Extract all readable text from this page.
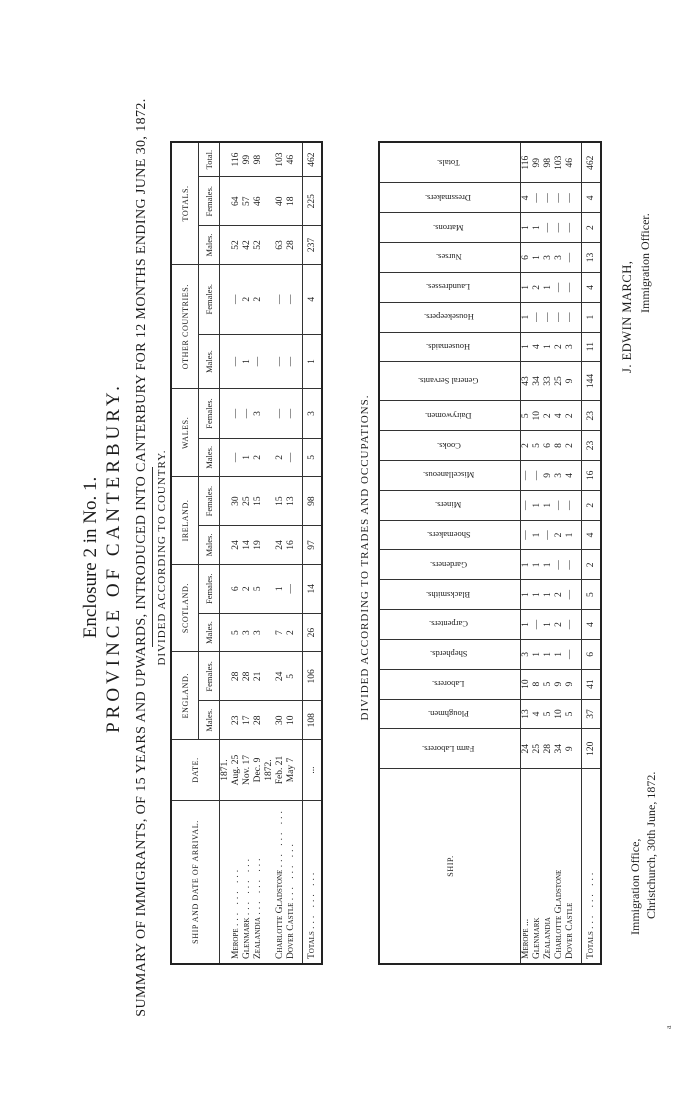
Enclosure 2 in No. 1. PROVINCE OF CANTERBURY. SUMMARY OF IMMIGRANTS, OF 15 YEARS AND UPWARDS, INTRODUCED INTO CANTERBURY FOR 12 MONTHS ENDING JUNE 30, 1872. DIVIDED ACCORDING TO COUNTRY.
SHIP AND DATE OF ARRIVAL.	DATE.	ENGLAND.		SCOTLAND.		IRELAND.		WALES.		OTHER COUNTRIES.		TOTALS.		
		Males.	Females.	Males.	Females.	Males.	Females.	Males.	Females.	Males.	Females.	Males.	Females.	Total.
	1871.													
Merope ... ... ...	Aug. 25	23	28	5	6	24	30	—	—	—	—	52	64	116
Glenmark ... ... ...	Nov. 17	17	28	3	2	14	25	1	—	1	2	42	57	99
Zealandia ... ... ...	Dec. 9	28	21	3	5	19	15	2	3	—	2	52	46	98
	1872.													
Charlotte Gladstone ... ... ...	Feb. 21	30	24	7	1	24	15	2	—	—	—	63	40	103
Dover Castle ... ... ...	May 7	10	5	2	—	16	13	—	—	—	—	28	18	46

Totals ... ... ...	...	108	106	26	14	97	98	5	3	1	4	237	225	462
DIVIDED ACCORDING TO TRADES AND OCCUPATIONS.
SHIP.	Farm Laborers.	Ploughmen.	Laborers.	Shepherds.	Carpenters.	Blacksmiths.	Gardeners.	Shoemakers.	Miners.	Miscellaneous.	Cooks.	Dairywomen.	General Servants.	Housemaids.	Housekeepers.	Laundresses.	Nurses.	Matrons.	Dressmakers.	Totals.
Merope ...	24	13	10	3	1	1	1	—	—	—	2	5	43	1	1	1	6	1	4	116
Glenmark	25	4	8	1	—	1	1	1	1	—	5	10	34	4	—	2	1	1	—	99
Zealandia	28	5	5	1	1	1	1	—	1	9	6	2	33	1	—	1	3	—	—	98
Charlotte Gladstone	34	10	9	1	2	2	—	2	—	3	8	4	25	2	—	—	3	—	—	103
Dover Castle	9	5	9	—	—	—	—	1	—	4	2	2	9	3	—	—	—	—	—	46

Totals ... ... ...	120	37	41	6	4	5	2	4	2	16	23	23	144	11	1	4	13	2	4	462
Immigration Office, Christchurch, 30th June, 1872.
J. EDWIN MARCH, Immigration Officer.
a
